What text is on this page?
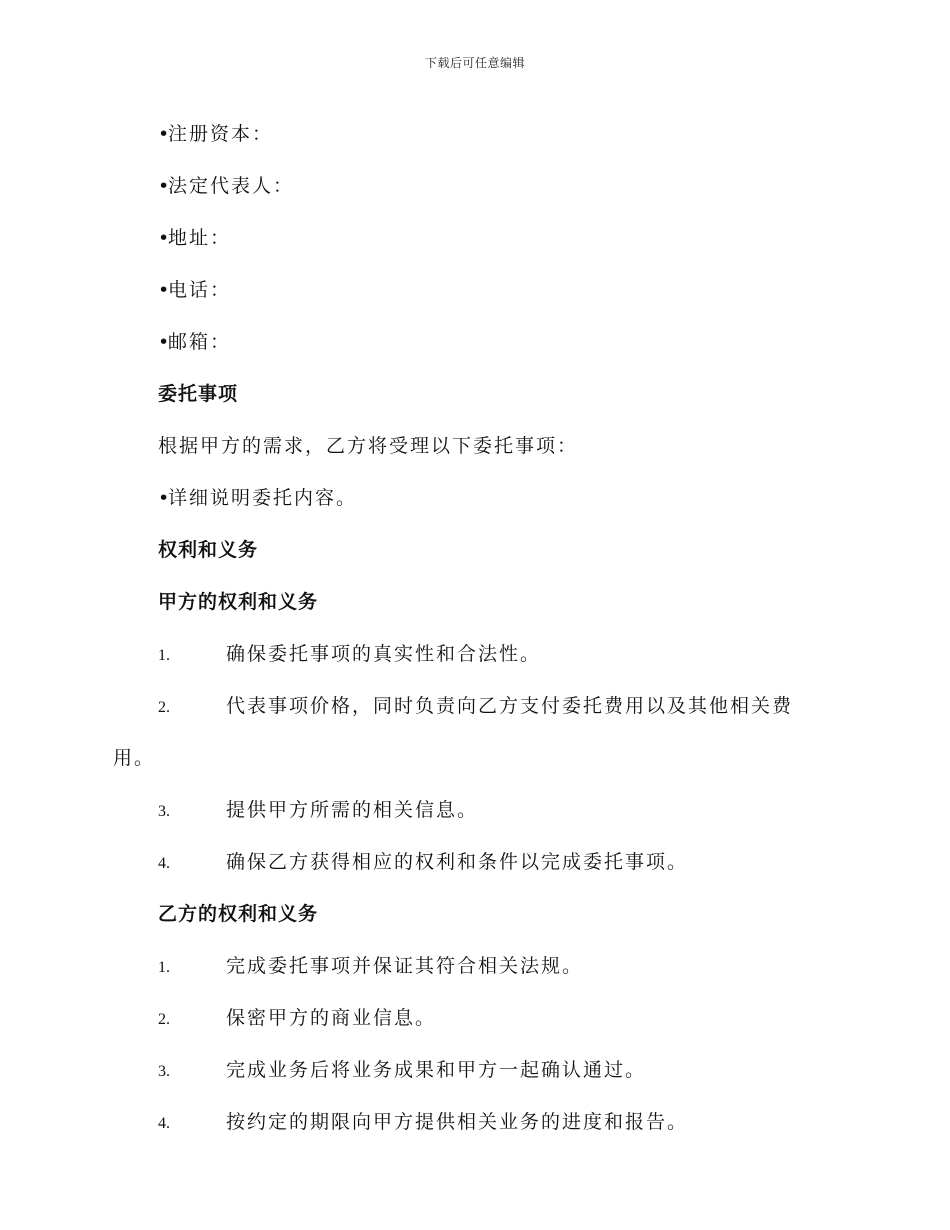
下载后可任意编辑
•注册资本：
•法定代表人：
•地址：
•电话：
•邮箱：
委托事项
根据甲方的需求，乙方将受理以下委托事项：
•详细说明委托内容。
权利和义务
甲方的权利和义务
1.	确保委托事项的真实性和合法性。
2.	代表事项价格，同时负责向乙方支付委托费用以及其他相关费
用。
3.	提供甲方所需的相关信息。
4.	确保乙方获得相应的权利和条件以完成委托事项。
乙方的权利和义务
1.	完成委托事项并保证其符合相关法规。
2.	保密甲方的商业信息。
3.	完成业务后将业务成果和甲方一起确认通过。
4.	按约定的期限向甲方提供相关业务的进度和报告。
